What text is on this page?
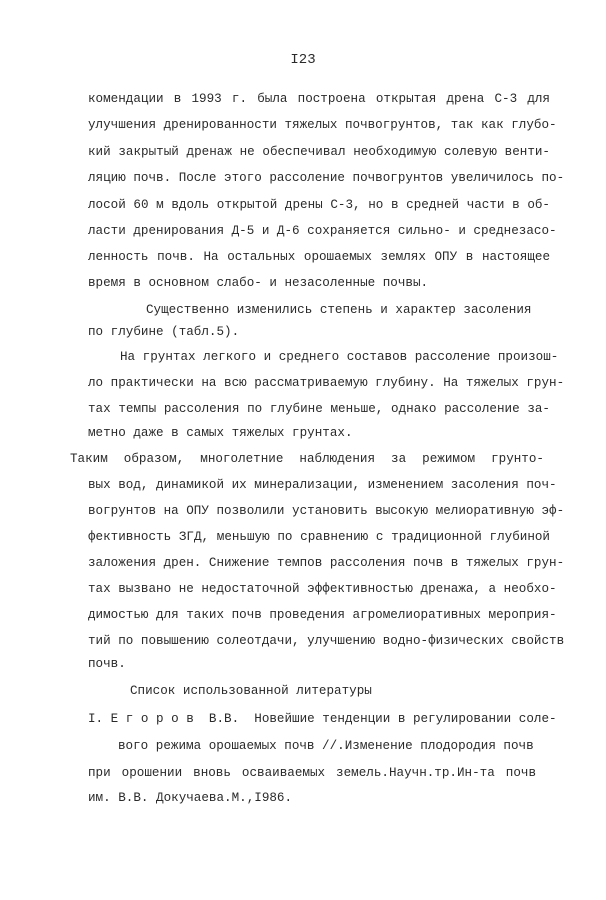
I23
комендации в 1993 г. была построена открытая дрена С-3 для
улучшения дренированности тяжелых почвогрунтов, так как глубо-
кий закрытый дренаж не обеспечивал необходимую солевую венти-
ляцию почв. После этого рассоление почвогрунтов увеличилось по-
лосой 60 м вдоль открытой дрены С-3, но в средней части в об-
ласти дренирования Д-5 и Д-6 сохраняется сильно- и среднезасо-
ленность почв. На остальных орошаемых землях ОПУ в настоящее
время в основном слабо- и незасоленные почвы.
Существенно изменились степень и характер засоления
по глубине (табл.5).
На грунтах легкого и среднего составов рассоление произош-
ло практически на всю рассматриваемую глубину. На тяжелых грун-
тах темпы рассоления по глубине меньше, однако рассоление за-
метно даже в самых тяжелых грунтах.
Таким образом, многолетние наблюдения за режимом грунто-
вых вод, динамикой их минерализации, изменением засоления поч-
вогрунтов на ОПУ позволили установить высокую мелиоративную эф-
фективность ЗГД, меньшую по сравнению с традиционной глубиной
заложения дрен. Снижение темпов рассоления почв в тяжелых грун-
тах вызвано не недостаточной эффективностью дренажа, а необхо-
димостью для таких почв проведения агромелиоративных мероприя-
тий по повышению солеотдачи, улучшению водно-физических свойств
почв.
Список использованной литературы
I. Е г о р о в  В.В.  Новейшие тенденции в регулировании соле-
вого режима орошаемых почв //.Изменение плодородия почв
при орошении вновь осваиваемых земель.Научн.тр.Ин-та почв
им. В.В. Докучаева.М.,I986.
